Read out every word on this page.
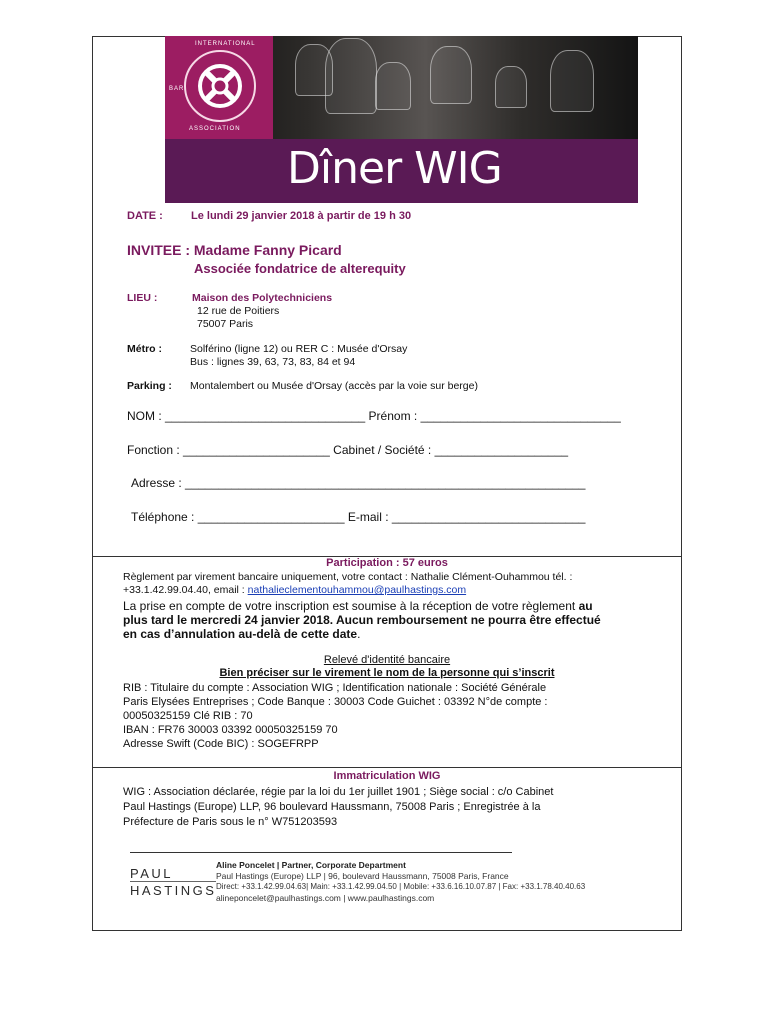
INTERNATIONAL
BAR
ASSOCIATION
Dîner WIG
DATE :	Le lundi 29 janvier 2018 à partir de 19 h 30
INVITEE : Madame Fanny Picard
Associée fondatrice de alterequity
LIEU :	Maison des Polytechniciens
12 rue de Poitiers
75007 Paris
Métro :	Solférino (ligne 12) ou RER C : Musée d'Orsay
Bus : lignes 39, 63, 73, 83, 84 et 94
Parking : Montalembert ou Musée d'Orsay (accès par la voie sur berge)
NOM : ______________________________ Prénom : ______________________________
Fonction : ______________________ Cabinet / Société : ____________________
Adresse : ____________________________________________________________
Téléphone : ______________________ E-mail : _____________________________
Participation : 57 euros
Règlement par virement bancaire uniquement, votre contact : Nathalie Clément-Ouhammou tél. :
+33.1.42.99.04.40, email : nathalieclementouhammou@paulhastings.com
La prise en compte de votre inscription est soumise à la réception de votre règlement au
plus tard le mercredi 24 janvier 2018. Aucun remboursement ne pourra être effectué
en cas d’annulation au-delà de cette date.
Relevé d'identité bancaire
Bien préciser sur le virement le nom de la personne qui s’inscrit
RIB : Titulaire du compte : Association WIG ; Identification nationale : Société Générale
Paris Elysées Entreprises ; Code Banque : 30003 Code Guichet : 03392 N°de compte :
00050325159 Clé RIB : 70
IBAN : FR76 30003 03392 00050325159 70
Adresse Swift (Code BIC) : SOGEFRPP
Immatriculation WIG
WIG : Association déclarée, régie par la loi du 1er juillet 1901 ; Siège social : c/o Cabinet
Paul Hastings (Europe) LLP, 96 boulevard Haussmann, 75008 Paris ; Enregistrée à la
Préfecture de Paris sous le n° W751203593
PAUL
HASTINGS
Aline Poncelet | Partner, Corporate Department
Paul Hastings (Europe) LLP | 96, boulevard Haussmann, 75008 Paris, France
Direct: +33.1.42.99.04.63| Main: +33.1.42.99.04.50 | Mobile: +33.6.16.10.07.87 | Fax: +33.1.78.40.40.63
alineponcelet@paulhastings.com | www.paulhastings.com
